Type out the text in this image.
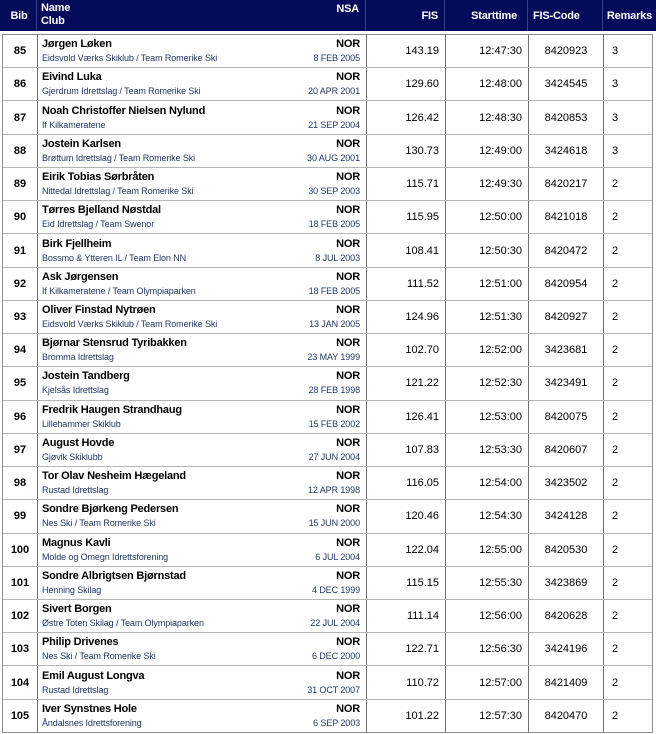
Bib
Name
Club
NSA
FIS	Starttime FIS-Code Remarks
85
Jørgen Løken	NOR
Eidsvold Værks Skiklub / Team Romerike Ski	8 FEB 2005
143.19	12:47:30 8420923 3
86
Eivind Luka	NOR
Gjerdrum Idrettslag / Team Romerike Ski	20 APR 2001
129.60	12:48:00 3424545 3
87
Noah Christoffer Nielsen Nylund	NOR
If Kilkameratene	21 SEP 2004
126.42	12:48:30 8420853 3
88
Jostein Karlsen	NOR
Brøttum Idrettslag / Team Romerike Ski	30 AUG 2001
130.73	12:49:00 3424618 3
89
Eirik Tobias Sørbråten	NOR
Nittedal Idrettslag / Team Romerike Ski	30 SEP 2003
115.71	12:49:30 8420217 2
90
Tørres Bjelland Nøstdal	NOR
Eid Idrettslag / Team Swenor	18 FEB 2005
115.95	12:50:00 8421018 2
91
Birk Fjellheim	NOR
Bossmo & Ytteren IL / Team Elon NN	8 JUL 2003
108.41	12:50:30 8420472 2
92
Ask Jørgensen	NOR
If Kilkameratene / Team Olympiaparken	18 FEB 2005
111.52	12:51:00 8420954 2
93
Oliver Finstad Nytrøen	NOR
Eidsvold Værks Skiklub / Team Romerike Ski	13 JAN 2005
124.96	12:51:30 8420927 2
94
Bjørnar Stensrud Tyribakken	NOR
Bromma Idrettslag	23 MAY 1999
102.70	12:52:00 3423681 2
95
Jostein Tandberg	NOR
Kjelsås Idrettslag	28 FEB 1998
121.22	12:52:30 3423491 2
96
Fredrik Haugen Strandhaug	NOR
Lillehammer Skiklub	15 FEB 2002
126.41	12:53:00 8420075 2
97
August Hovde	NOR
Gjøvik Skiklubb	27 JUN 2004
107.83	12:53:30 8420607 2
98
Tor Olav Nesheim Hægeland	NOR
Rustad Idrettslag	12 APR 1998
116.05	12:54:00 3423502 2
99
Sondre Bjørkeng Pedersen	NOR
Nes Ski / Team Romerike Ski	15 JUN 2000
120.46	12:54:30 3424128 2
100
Magnus Kavli	NOR
Molde og Omegn Idrettsforening	6 JUL 2004
122.04	12:55:00 8420530 2
101
Sondre Albrigtsen Bjørnstad	NOR
Henning Skilag	4 DEC 1999
115.15	12:55:30 3423869 2
102
Sivert Borgen	NOR
Østre Toten Skilag / Team Olympiaparken	22 JUL 2004
111.14	12:56:00 8420628 2
103
Philip Drivenes	NOR
Nes Ski / Team Romerike Ski	6 DEC 2000
122.71	12:56:30 3424196 2
104
Emil August Longva	NOR
Rustad Idrettslag	31 OCT 2007
110.72	12:57:00 8421409 2
105
Iver Synstnes Hole	NOR
Åndalsnes Idrettsforening	6 SEP 2003
101.22	12:57:30 8420470 2
